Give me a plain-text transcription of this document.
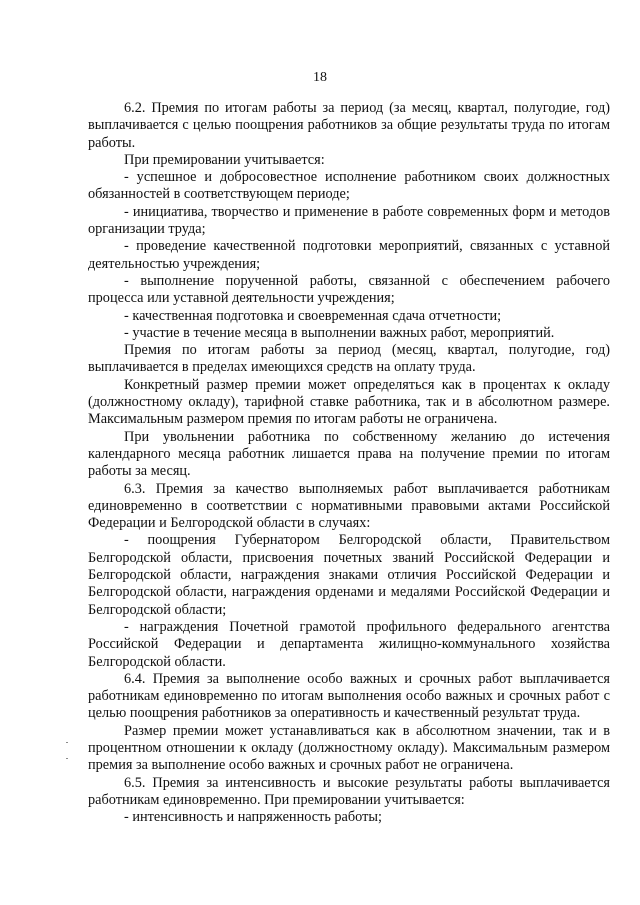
18

6.2. Премия по итогам работы за период (за месяц, квартал, полугодие, год) выплачивается с целью поощрения работников за общие результаты труда по итогам работы.

При премировании учитывается:

- успешное и добросовестное исполнение работником своих должностных обязанностей в соответствующем периоде;

- инициатива, творчество и применение в работе современных форм и методов организации труда;

- проведение качественной подготовки мероприятий, связанных с уставной деятельностью учреждения;

- выполнение порученной работы, связанной с обеспечением рабочего процесса или уставной деятельности учреждения;

- качественная подготовка и своевременная сдача отчетности;

- участие в течение месяца в выполнении важных работ, мероприятий.

Премия по итогам работы за период (месяц, квартал, полугодие, год) выплачивается в пределах имеющихся средств на оплату труда.

Конкретный размер премии может определяться как в процентах к окладу (должностному окладу), тарифной ставке работника, так и в абсолютном размере. Максимальным размером премия по итогам работы не ограничена.

При увольнении работника по собственному желанию до истечения календарного месяца работник лишается права на получение премии по итогам работы за месяц.

6.3. Премия за качество выполняемых работ выплачивается работникам единовременно в соответствии с нормативными правовыми актами Российской Федерации и Белгородской области в случаях:

- поощрения Губернатором Белгородской области, Правительством Белгородской области, присвоения почетных званий Российской Федерации и Белгородской области, награждения знаками отличия Российской Федерации и Белгородской области, награждения орденами и медалями Российской Федерации и Белгородской области;

- награждения Почетной грамотой профильного федерального агентства Российской Федерации и департамента жилищно-коммунального хозяйства Белгородской области.

6.4. Премия за выполнение особо важных и срочных работ выплачивается работникам единовременно по итогам выполнения особо важных и срочных работ с целью поощрения работников за оперативность и качественный результат труда.

Размер премии может устанавливаться как в абсолютном значении, так и в процентном отношении к окладу (должностному окладу). Максимальным размером премия за выполнение особо важных и срочных работ не ограничена.

6.5. Премия за интенсивность и высокие результаты работы выплачивается работникам единовременно. При премировании учитывается:

- интенсивность и напряженность работы;
